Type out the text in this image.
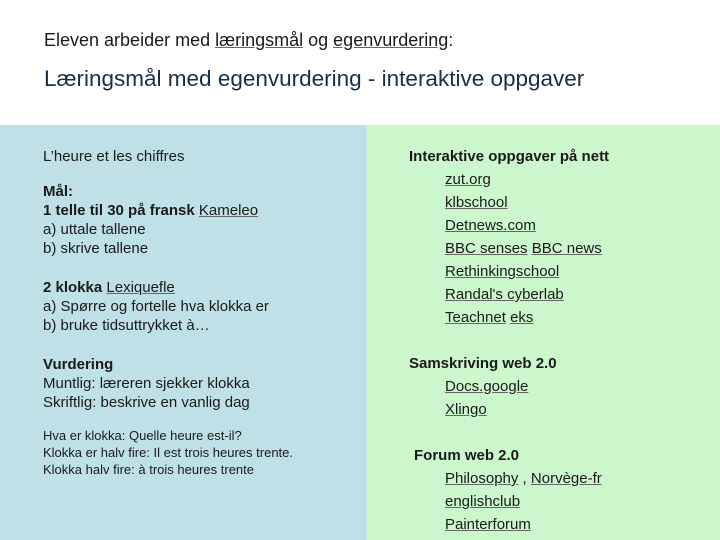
Eleven arbeider med læringsmål og egenvurdering:
Læringsmål med egenvurdering - interaktive oppgaver
L’heure et les chiffres
Mål:
1 telle til 30 på fransk Kameleo
a) uttale tallene
b) skrive tallene
2 klokka Lexiquefle
a) Spørre og fortelle hva klokka er
b) bruke tidsuttrykket à…
Vurdering
Muntlig: læreren sjekker klokka
Skriftlig: beskrive en vanlig dag
Hva er klokka: Quelle heure est-il?
Klokka er halv fire: Il est trois heures trente.
Klokka halv fire: à trois heures trente
Interaktive oppgaver på nett
zut.org
klbschool
Detnews.com
BBC senses BBC news
Rethinkingschool
Randal's cyberlab
Teachnet eks
Samskriving web 2.0
Docs.google
Xlingo
Forum web 2.0
Philosophy , Norvège-fr
englishclub
Painterforum
